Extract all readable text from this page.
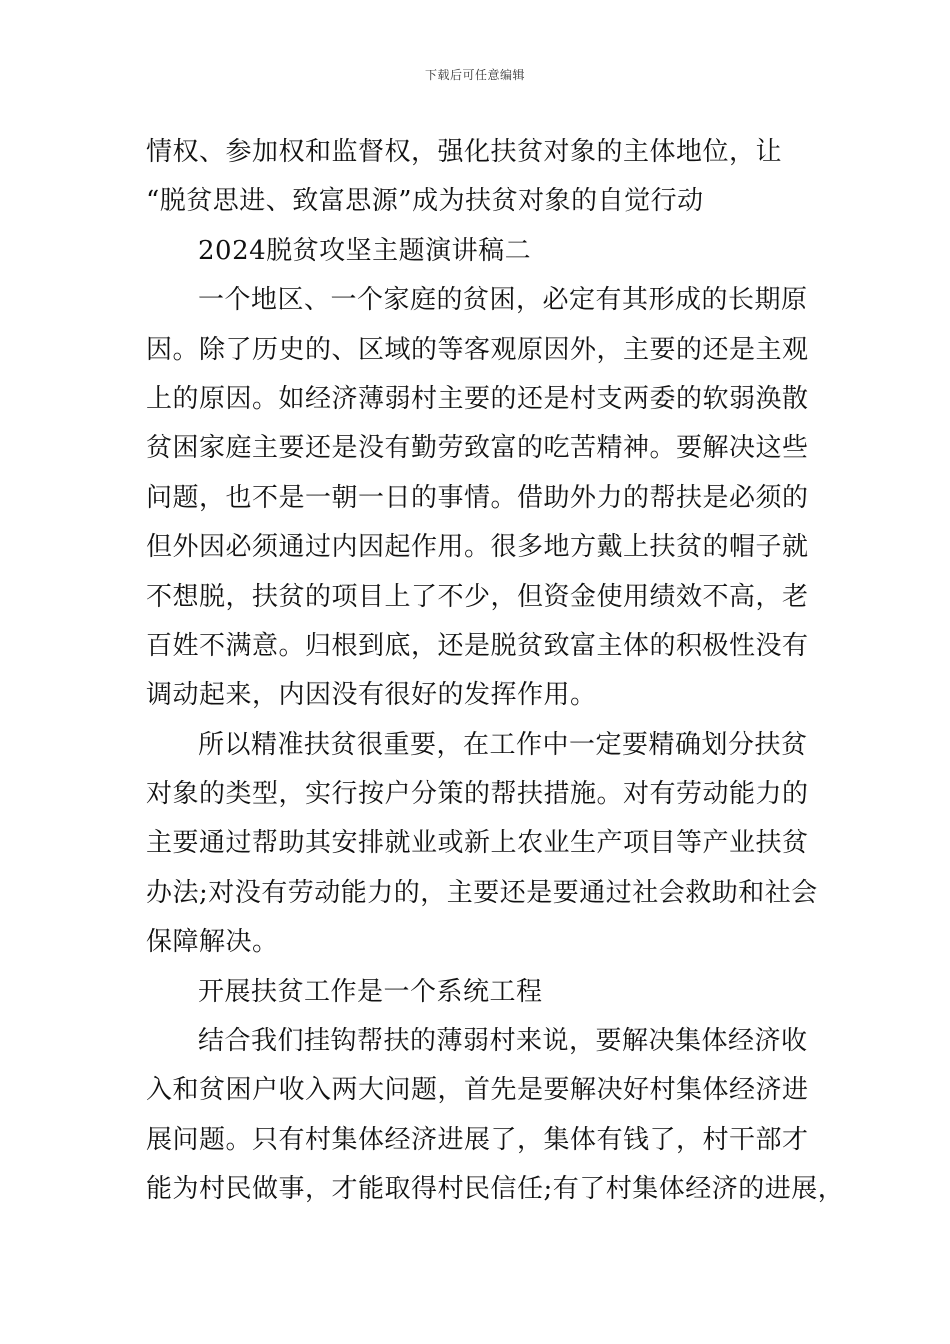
下载后可任意编辑

情权、参加权和监督权，强化扶贫对象的主体地位，让
“脱贫思进、致富思源”成为扶贫对象的自觉行动

2024脱贫攻坚主题演讲稿二

一个地区、一个家庭的贫困，必定有其形成的长期原
因。除了历史的、区域的等客观原因外，主要的还是主观
上的原因。如经济薄弱村主要的还是村支两委的软弱涣散
贫困家庭主要还是没有勤劳致富的吃苦精神。要解决这些
问题，也不是一朝一日的事情。借助外力的帮扶是必须的
但外因必须通过内因起作用。很多地方戴上扶贫的帽子就
不想脱，扶贫的项目上了不少，但资金使用绩效不高，老
百姓不满意。归根到底，还是脱贫致富主体的积极性没有
调动起来，内因没有很好的发挥作用。

所以精准扶贫很重要，在工作中一定要精确划分扶贫
对象的类型，实行按户分策的帮扶措施。对有劳动能力的
主要通过帮助其安排就业或新上农业生产项目等产业扶贫
办法;对没有劳动能力的，主要还是要通过社会救助和社会
保障解决。

开展扶贫工作是一个系统工程

结合我们挂钩帮扶的薄弱村来说，要解决集体经济收
入和贫困户收入两大问题，首先是要解决好村集体经济进
展问题。只有村集体经济进展了，集体有钱了，村干部才
能为村民做事，才能取得村民信任;有了村集体经济的进展，
